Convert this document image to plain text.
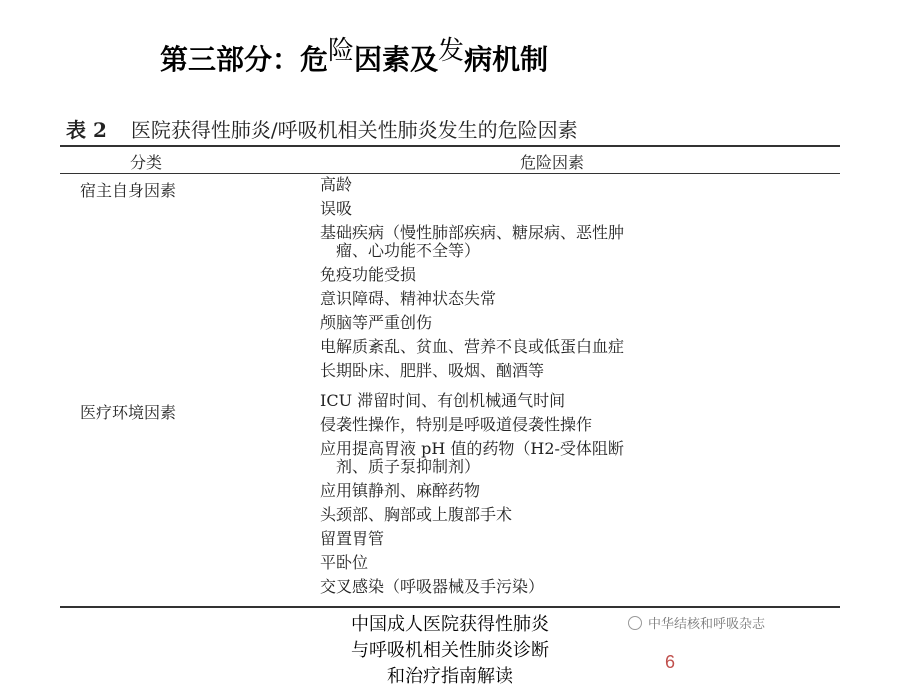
第三部分：危险因素及发病机制
表 2 医院获得性肺炎/呼吸机相关性肺炎发生的危险因素
分类	危险因素
宿主自身因素
医疗环境因素
高龄
误吸
基础疾病（慢性肺部疾病、糖尿病、恶性肿
瘤、心功能不全等）
免疫功能受损
意识障碍、精神状态失常
颅脑等严重创伤
电解质紊乱、贫血、营养不良或低蛋白血症
长期卧床、肥胖、吸烟、酗酒等
ICU 滞留时间、有创机械通气时间
侵袭性操作，特别是呼吸道侵袭性操作
应用提高胃液 pH 值的药物（H2-受体阻断
剂、质子泵抑制剂）
应用镇静剂、麻醉药物
头颈部、胸部或上腹部手术
留置胃管
平卧位
交叉感染（呼吸器械及手污染）
中国成人医院获得性肺炎
与呼吸机相关性肺炎诊断
和治疗指南解读
中华结核和呼吸杂志
6
